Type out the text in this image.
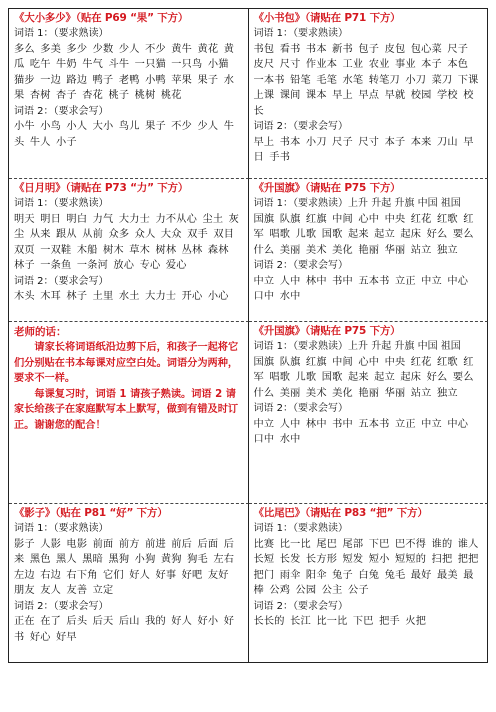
《大小多少》（贴在 P69 “果” 下方）
词语 1：（要求熟读）
多么 多美 多少 少数 少人 不少 黄牛 黄花 黄瓜 吃午 牛奶 牛气 斗牛 一只猫 一只鸟 小猫 猫步 一边 路边 鸭子 老鸭 小鸭 苹果 果子 水果 杏树 杏子 杏花 桃子 桃树 桃花
词语 2：（要求会写）
小牛 小鸟 小人 大小 鸟儿 果子 不少 少人 牛头 牛人 小子
《小书包》（请贴在 P71 下方）
词语 1：（要求熟读）
书包 看书 书本 新书 包子 皮包 包心菜 尺子 皮尺 尺寸 作业本 工业 农业 事业 本子 本色 一本书 铅笔 毛笔 水笔 转笔刀 小刀 菜刀 下课 上课 课间 课本 早上 早点 早就 校园 学校 校长
词语 2：（要求会写）
早上 书本 小刀 尺子 尺寸 本子 本来 刀山 早日 手书
《日月明》（请贴在 P73 “力” 下方）
词语 1：（要求熟读）
明天 明日 明白 力气 大力士 力不从心 尘土 灰尘 从来 跟从 从前 众多 众人 大众 双手 双目 双页 一双鞋 木船 树木 草木 树林 丛林 森林 林子 一条鱼 一条河 放心 专心 爱心
词语 2：（要求会写）
木头 木耳 林子 土里 水土 大力士 开心 小心
《升国旗》（请贴在 P75 下方）
词语 1：（要求熟读）上升 升起 升旗 中国 祖国
国旗 队旗 红旗 中间 心中 中央 红花 红歌 红军 唱歌 儿歌 国歌 起来 起立 起床 好么 要么 什么 美丽 美术 美化 艳丽 华丽 站立 独立
词语 2：（要求会写）
中立 人中 林中 书中 五本书 立正 中立 中心 口中 水中
老师的话：

请家长将词语纸沿边剪下后，和孩子一起将它们分别贴在书本每课对应空白处。词语分为两种，要求不一样。

每课复习时，词语 1 请孩子熟读。词语 2 请家长给孩子在家庭默写本上默写，做到有错及时订正。谢谢您的配合！

《升国旗》（请贴在 P75 下方）
词语 1：（要求熟读）上升 升起 升旗 中国 祖国
国旗 队旗 红旗 中间 心中 中央 红花 红歌 红军 唱歌 儿歌 国歌 起来 起立 起床 好么 要么 什么 美丽 美术 美化 艳丽 华丽 站立 独立
词语 2：（要求会写）
中立 人中 林中 书中 五本书 立正 中立 中心 口中 水中
《影子》（贴在 P81 “好” 下方）
词语 1：（要求熟读）
影子 人影 电影 前面 前方 前进 前后 后面 后来 黑色 黑人 黑暗 黑狗 小狗 黄狗 狗毛 左右 左边 右边 右下角 它们 好人 好事 好吧 友好 朋友 友人 友善 立定
词语 2：（要求会写）
正在 在了 后头 后天 后山 我的 好人 好小 好书 好心 好早
《比尾巴》（请贴在 P83 “把” 下方）
词语 1：（要求熟读）
比赛 比一比 尾巴 尾部 下巴 巴不得 谁的 谁人 长短 长发 长方形 短发 短小 短短的 扫把 把把 把门 雨伞 阳伞 兔子 白兔 兔毛 最好 最美 最棒 公鸡 公园 公主 公子
词语 2：（要求会写）
长长的 长江 比一比 下巴 把手 火把
